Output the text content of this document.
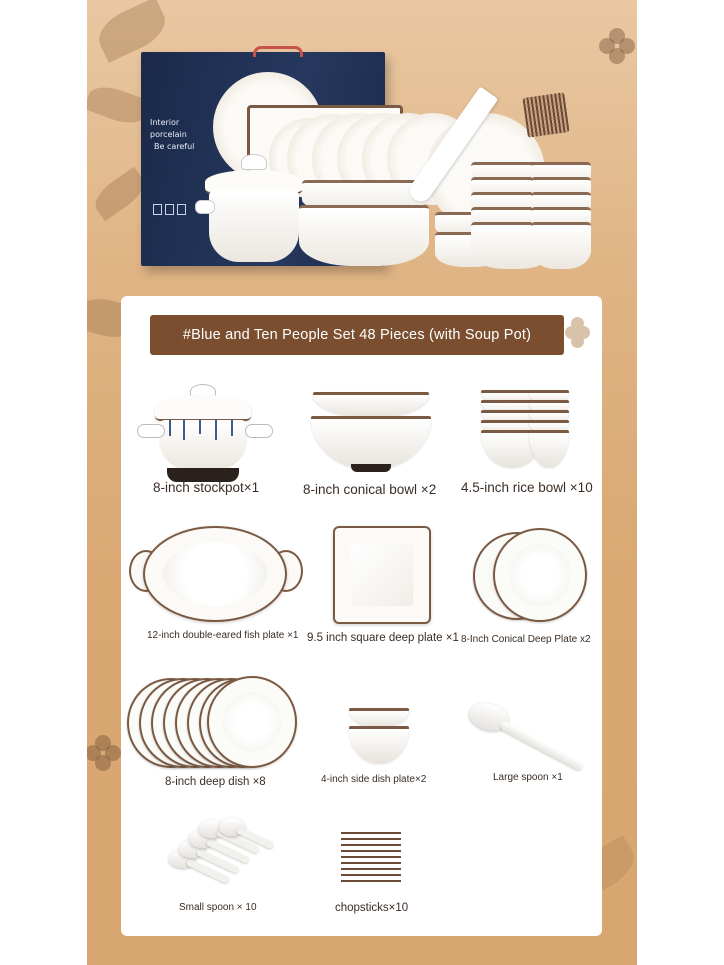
Interior
porcelain
Be careful
#Blue and Ten People Set 48 Pieces (with Soup Pot)
8-inch stockpot×1	8-inch conical bowl ×2 4.5-inch rice bowl ×10
12-inch double-eared fish plate ×1 9.5 inch square deep plate ×1 8-Inch Conical Deep Plate x2
8-inch deep dish ×8	4-inch side dish plate×2	Large spoon ×1
Small spoon × 10	chopsticks×10
